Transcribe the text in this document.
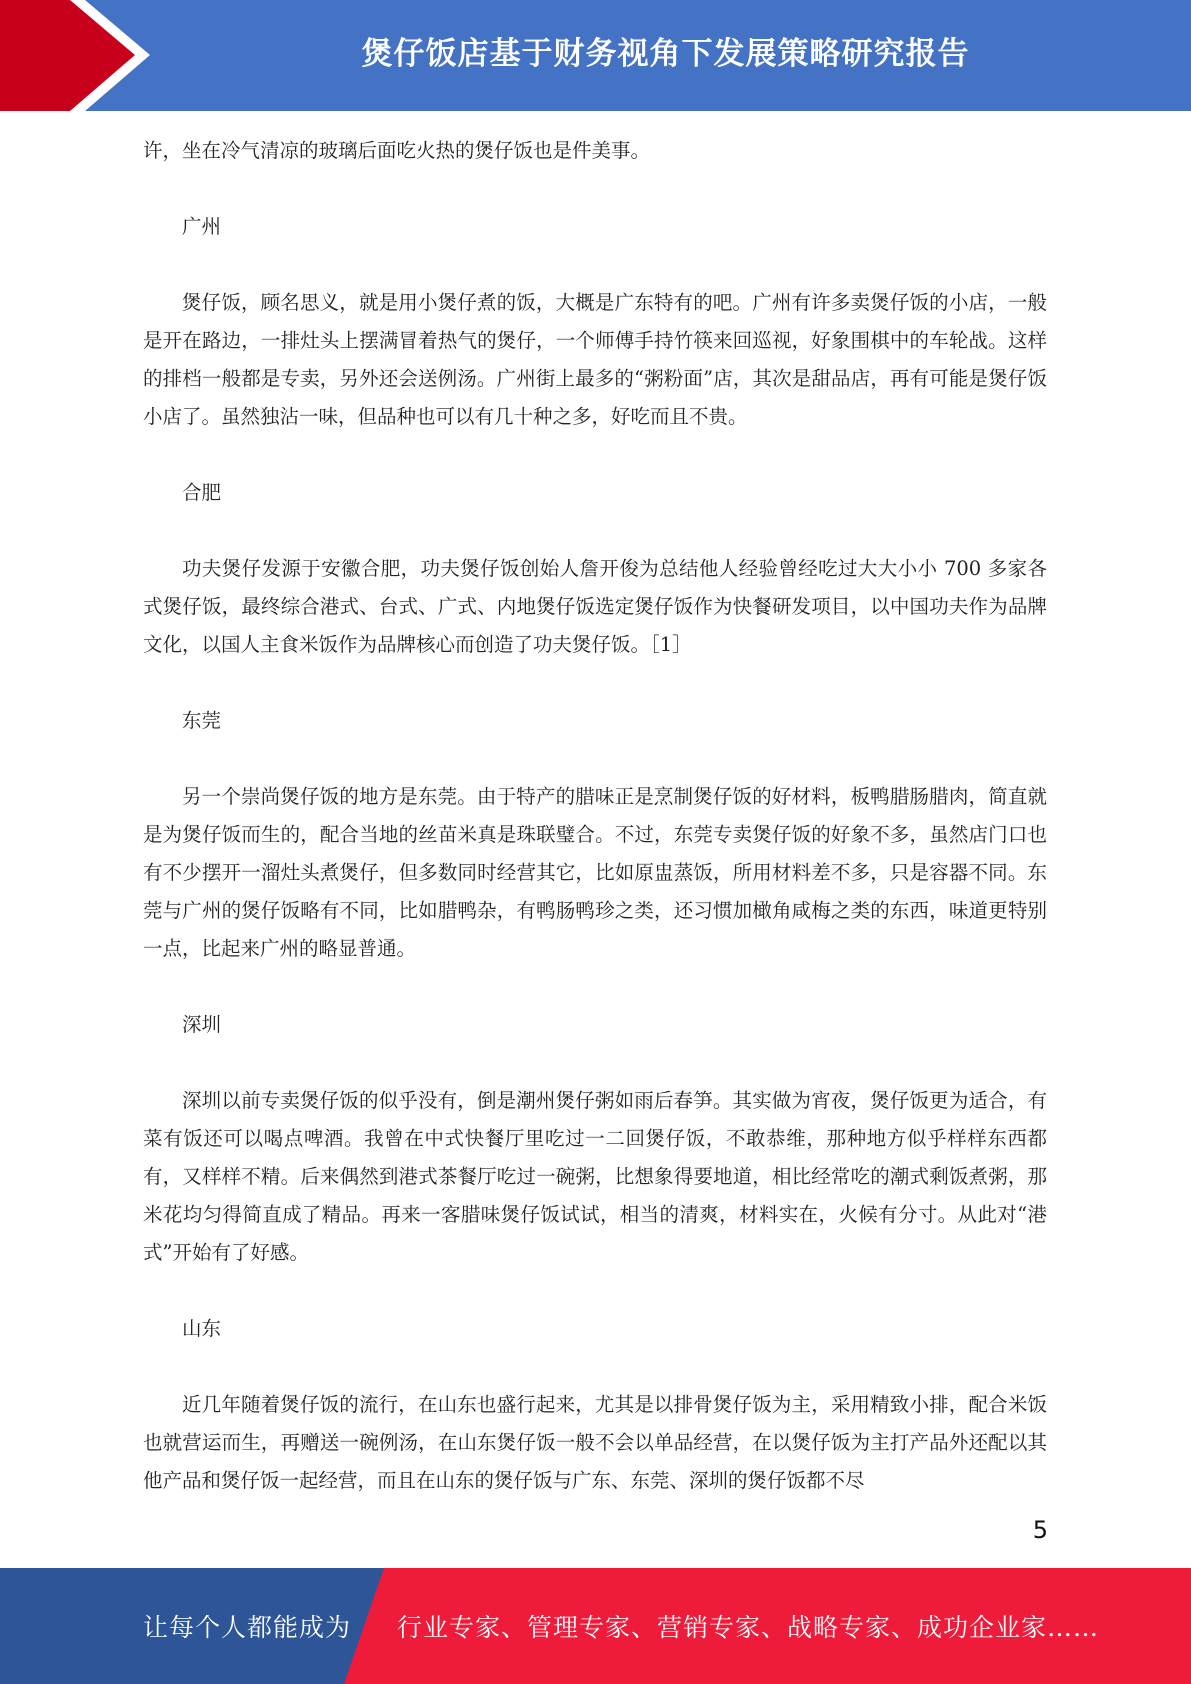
煲仔饭店基于财务视角下发展策略研究报告

许，坐在冷气清凉的玻璃后面吃火热的煲仔饭也是件美事。

广州

煲仔饭，顾名思义，就是用小煲仔煮的饭，大概是广东特有的吧。广州有许多卖煲仔饭的小店，一般是开在路边，一排灶头上摆满冒着热气的煲仔，一个师傅手持竹筷来回巡视，好象围棋中的车轮战。这样的排档一般都是专卖，另外还会送例汤。广州街上最多的“粥粉面”店，其次是甜品店，再有可能是煲仔饭小店了。虽然独沾一味，但品种也可以有几十种之多，好吃而且不贵。

合肥

功夫煲仔发源于安徽合肥，功夫煲仔饭创始人詹开俊为总结他人经验曾经吃过大大小小 700 多家各式煲仔饭，最终综合港式、台式、广式、内地煲仔饭选定煲仔饭作为快餐研发项目，以中国功夫作为品牌文化，以国人主食米饭作为品牌核心而创造了功夫煲仔饭。［1］

东莞

另一个崇尚煲仔饭的地方是东莞。由于特产的腊味正是烹制煲仔饭的好材料，板鸭腊肠腊肉，简直就是为煲仔饭而生的，配合当地的丝苗米真是珠联璧合。不过，东莞专卖煲仔饭的好象不多，虽然店门口也有不少摆开一溜灶头煮煲仔，但多数同时经营其它，比如原盅蒸饭，所用材料差不多，只是容器不同。东莞与广州的煲仔饭略有不同，比如腊鸭杂，有鸭肠鸭珍之类，还习惯加橄角咸梅之类的东西，味道更特别一点，比起来广州的略显普通。

深圳

深圳以前专卖煲仔饭的似乎没有，倒是潮州煲仔粥如雨后春笋。其实做为宵夜，煲仔饭更为适合，有菜有饭还可以喝点啤酒。我曾在中式快餐厅里吃过一二回煲仔饭，不敢恭维，那种地方似乎样样东西都有，又样样不精。后来偶然到港式茶餐厅吃过一碗粥，比想象得要地道，相比经常吃的潮式剩饭煮粥，那米花均匀得简直成了精品。再来一客腊味煲仔饭试试，相当的清爽，材料实在，火候有分寸。从此对“港式”开始有了好感。

山东

近几年随着煲仔饭的流行，在山东也盛行起来，尤其是以排骨煲仔饭为主，采用精致小排，配合米饭也就营运而生，再赠送一碗例汤，在山东煲仔饭一般不会以单品经营，在以煲仔饭为主打产品外还配以其他产品和煲仔饭一起经营，而且在山东的煲仔饭与广东、东莞、深圳的煲仔饭都不尽

5
让每个人都能成为 行业专家、管理专家、营销专家、战略专家、成功企业家……
